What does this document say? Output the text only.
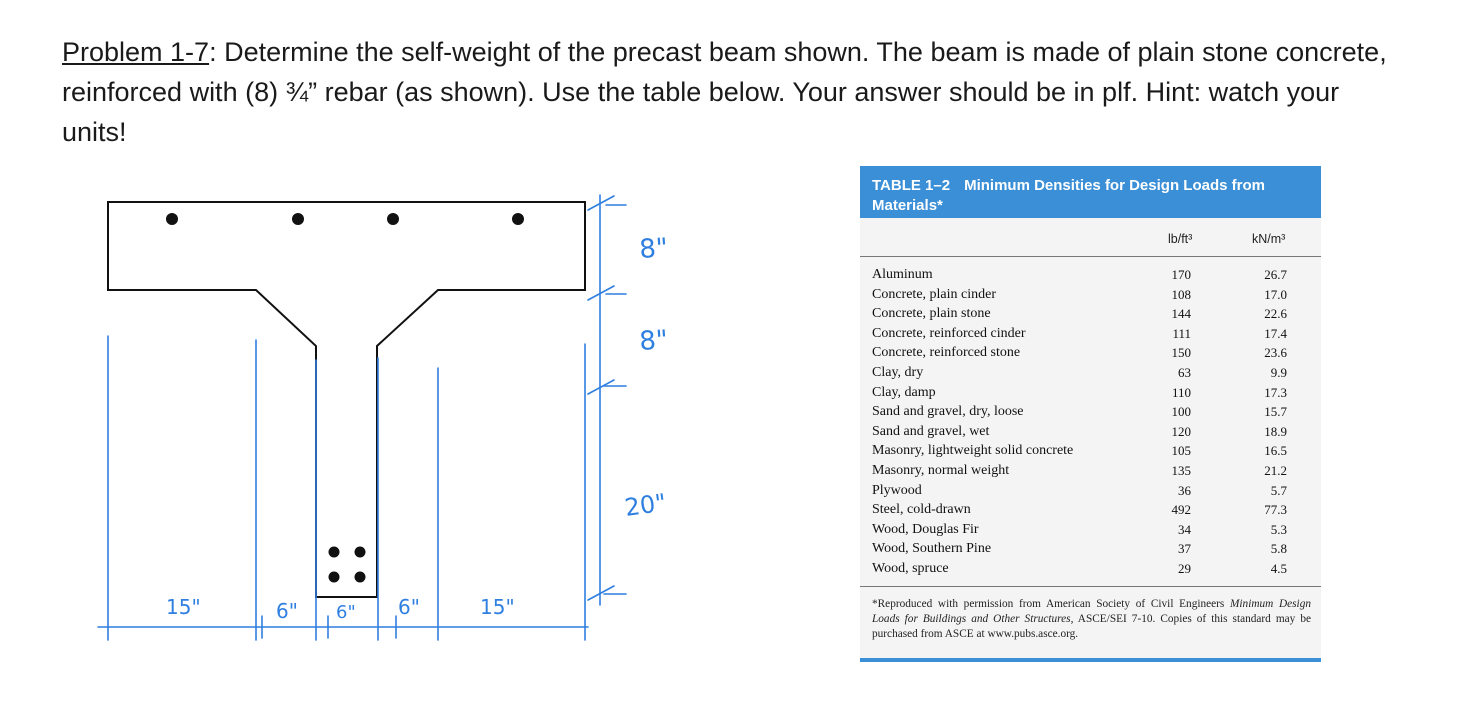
Problem 1-7: Determine the self-weight of the precast beam shown. The beam is made of plain stone concrete, reinforced with (8) ¾” rebar (as shown). Use the table below. Your answer should be in plf. Hint: watch your units!
8"
8"
20"
15"	6" 6" 6"	15"
TABLE 1–2 Minimum Densities for Design Loads from Materials*
lb/ft³	kN/m³
Aluminum	170	26.7
Concrete, plain cinder	108	17.0
Concrete, plain stone	144	22.6
Concrete, reinforced cinder	111	17.4
Concrete, reinforced stone	150	23.6
Clay, dry	63	9.9
Clay, damp	110	17.3
Sand and gravel, dry, loose	100	15.7
Sand and gravel, wet	120	18.9
Masonry, lightweight solid concrete	105	16.5
Masonry, normal weight	135	21.2
Plywood	36	5.7
Steel, cold-drawn	492	77.3
Wood, Douglas Fir	34	5.3
Wood, Southern Pine	37	5.8
Wood, spruce	29	4.5
*Reproduced with permission from American Society of Civil Engineers Minimum Design Loads for Buildings and Other Structures, ASCE/SEI 7-10. Copies of this standard may be purchased from ASCE at www.pubs.asce.org.
